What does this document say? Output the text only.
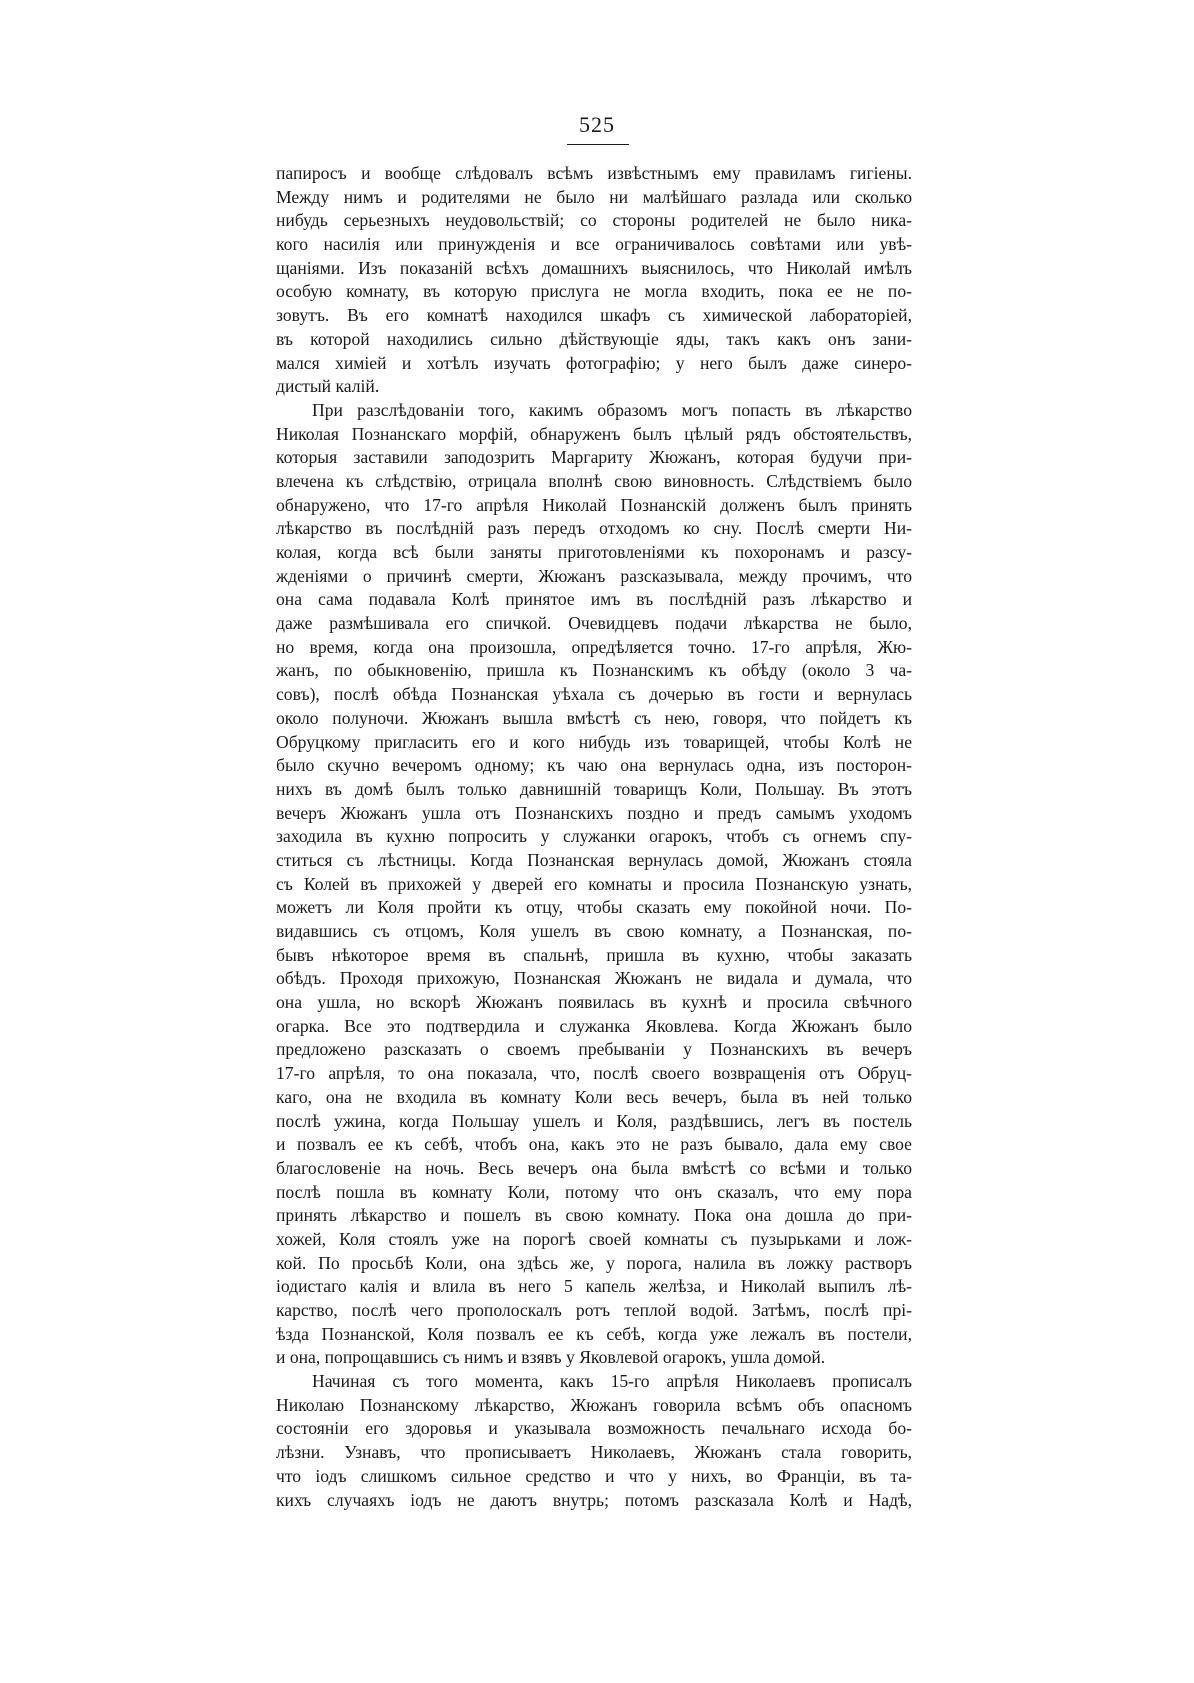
525
папиросъ и вообще слѣдовалъ всѣмъ извѣстнымъ ему правиламъ гигіены.
Между нимъ и родителями не было ни малѣйшаго разлада или сколько
нибудь серьезныхъ неудовольствій; со стороны родителей не было ника-
кого насилія или принужденія и все ограничивалось совѣтами или увѣ-
щаніями. Изъ показаній всѣхъ домашнихъ выяснилось, что Николай имѣлъ
особую комнату, въ которую прислуга не могла входить, пока ее не по-
зовутъ. Въ его комнатѣ находился шкафъ съ химической лабораторіей,
въ которой находились сильно дѣйствующіе яды, такъ какъ онъ зани-
мался химіей и хотѣлъ изучать фотографію; у него былъ даже синеро-
дистый калій.
При разслѣдованіи того, какимъ образомъ могъ попасть въ лѣкарство
Николая Познанскаго морфій, обнаруженъ былъ цѣлый рядъ обстоятельствъ,
которыя заставили заподозрить Маргариту Жюжанъ, которая будучи при-
влечена къ слѣдствію, отрицала вполнѣ свою виновность. Слѣдствіемъ было
обнаружено, что 17-го апрѣля Николай Познанскій долженъ былъ принять
лѣкарство въ послѣдній разъ передъ отходомъ ко сну. Послѣ смерти Ни-
колая, когда всѣ были заняты приготовленіями къ похоронамъ и разсу-
жденіями о причинѣ смерти, Жюжанъ разсказывала, между прочимъ, что
она сама подавала Колѣ принятое имъ въ послѣдній разъ лѣкарство и
даже размѣшивала его спичкой. Очевидцевъ подачи лѣкарства не было,
но время, когда она произошла, опредѣляется точно. 17-го апрѣля, Жю-
жанъ, по обыкновенію, пришла къ Познанскимъ къ обѣду (около 3 ча-
совъ), послѣ обѣда Познанская уѣхала съ дочерью въ гости и вернулась
около полуночи. Жюжанъ вышла вмѣстѣ съ нею, говоря, что пойдетъ къ
Обруцкому пригласить его и кого нибудь изъ товарищей, чтобы Колѣ не
было скучно вечеромъ одному; къ чаю она вернулась одна, изъ посторон-
нихъ въ домѣ былъ только давнишній товарищъ Коли, Польшау. Въ этотъ
вечеръ Жюжанъ ушла отъ Познанскихъ поздно и предъ самымъ уходомъ
заходила въ кухню попросить у служанки огарокъ, чтобъ съ огнемъ спу-
ститься съ лѣстницы. Когда Познанская вернулась домой, Жюжанъ стояла
съ Колей въ прихожей у дверей его комнаты и просила Познанскую узнать,
можетъ ли Коля пройти къ отцу, чтобы сказать ему покойной ночи. По-
видавшись съ отцомъ, Коля ушелъ въ свою комнату, а Познанская, по-
бывъ нѣкоторое время въ спальнѣ, пришла въ кухню, чтобы заказать
обѣдъ. Проходя прихожую, Познанская Жюжанъ не видала и думала, что
она ушла, но вскорѣ Жюжанъ появилась въ кухнѣ и просила свѣчного
огарка. Все это подтвердила и служанка Яковлева. Когда Жюжанъ было
предложено разсказать о своемъ пребываніи у Познанскихъ въ вечеръ
17-го апрѣля, то она показала, что, послѣ своего возвращенія отъ Обруц-
каго, она не входила въ комнату Коли весь вечеръ, была въ ней только
послѣ ужина, когда Польшау ушелъ и Коля, раздѣвшись, легъ въ постель
и позвалъ ее къ себѣ, чтобъ она, какъ это не разъ бывало, дала ему свое
благословеніе на ночь. Весь вечеръ она была вмѣстѣ со всѣми и только
послѣ пошла въ комнату Коли, потому что онъ сказалъ, что ему пора
принять лѣкарство и пошелъ въ свою комнату. Пока она дошла до при-
хожей, Коля стоялъ уже на порогѣ своей комнаты съ пузырьками и лож-
кой. По просьбѣ Коли, она здѣсь же, у порога, налила въ ложку растворъ
іодистаго калія и влила въ него 5 капель желѣза, и Николай выпилъ лѣ-
карство, послѣ чего прополоскалъ ротъ теплой водой. Затѣмъ, послѣ прі-
ѣзда Познанской, Коля позвалъ ее къ себѣ, когда уже лежалъ въ постели,
и она, попрощавшись съ нимъ и взявъ у Яковлевой огарокъ, ушла домой.
Начиная съ того момента, какъ 15-го апрѣля Николаевъ прописалъ
Николаю Познанскому лѣкарство, Жюжанъ говорила всѣмъ объ опасномъ
состояніи его здоровья и указывала возможность печальнаго исхода бо-
лѣзни. Узнавъ, что прописываетъ Николаевъ, Жюжанъ стала говорить,
что іодъ слишкомъ сильное средство и что у нихъ, во Франціи, въ та-
кихъ случаяхъ іодъ не даютъ внутрь; потомъ разсказала Колѣ и Надѣ,
